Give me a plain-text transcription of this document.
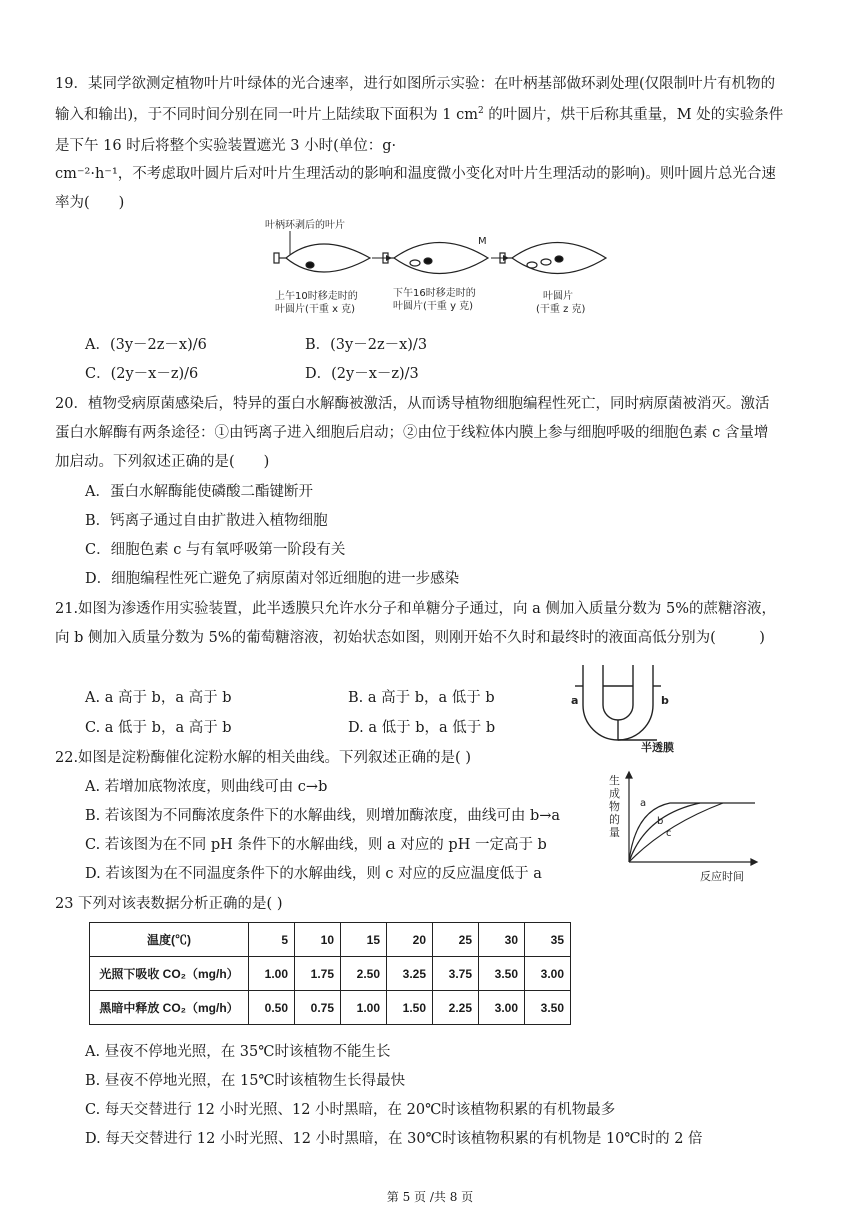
19．某同学欲测定植物叶片叶绿体的光合速率，进行如图所示实验：在叶柄基部做环剥处理(仅限制叶片有机物的
输入和输出)，于不同时间分别在同一叶片上陆续取下面积为 1 $cm^2$ 的叶圆片，烘干后称其重量，M 处的实验条件
是下午 16 时后将整个实验装置遮光 3 小时(单位：g·
cm⁻²·h⁻¹，不考虑取叶圆片后对叶片生理活动的影响和温度微小变化对叶片生理活动的影响)。则叶圆片总光合速
率为(　　)
叶柄环剥后的叶片
M
上午10时移走时的
叶圆片(干重 x 克)
下午16时移走时的
叶圆片(干重 y 克)
叶圆片
(干重 z 克)
A．(3y－2z－x)/6	B．(3y－2z－x)/3
C．(2y－x－z)/6	D．(2y－x－z)/3
20．植物受病原菌感染后，特异的蛋白水解酶被激活，从而诱导植物细胞编程性死亡，同时病原菌被消灭。激活
蛋白水解酶有两条途径：①由钙离子进入细胞后启动；②由位于线粒体内膜上参与细胞呼吸的细胞色素 c 含量增
加启动。下列叙述正确的是(　　)
A．蛋白水解酶能使磷酸二酯键断开
B．钙离子通过自由扩散进入植物细胞
C．细胞色素 c 与有氧呼吸第一阶段有关
D．细胞编程性死亡避免了病原菌对邻近细胞的进一步感染
21.如图为渗透作用实验装置，此半透膜只允许水分子和单糖分子通过，向 a 侧加入质量分数为 5%的蔗糖溶液，
向 b 侧加入质量分数为 5%的葡萄糖溶液，初始状态如图，则刚开始不久时和最终时的液面高低分别为(　　　)
A. a 高于 b，a 高于 b	B. a 高于 b，a 低于 b
C. a 低于 b，a 高于 b	D. a 低于 b，a 低于 b
a	b
半透膜
22.如图是淀粉酶催化淀粉水解的相关曲线。下列叙述正确的是( )
A. 若增加底物浓度，则曲线可由 c→b
B. 若该图为不同酶浓度条件下的水解曲线，则增加酶浓度，曲线可由 b→a
C. 若该图为在不同 pH 条件下的水解曲线，则 a 对应的 pH 一定高于 b
D. 若该图为在不同温度条件下的水解曲线，则 c 对应的反应温度低于 a
生
成
物
的
量
反应时间
a
b
c
23 下列对该表数据分析正确的是( )
温度(℃)	5	10	15	20	25	30	35
光照下吸收 CO₂（mg/h）	1.00	1.75	2.50	3.25	3.75	3.50	3.00
黑暗中释放 CO₂（mg/h）	0.50	0.75	1.00	1.50	2.25	3.00	3.50
A. 昼夜不停地光照，在 35℃时该植物不能生长
B. 昼夜不停地光照，在 15℃时该植物生长得最快
C. 每天交替进行 12 小时光照、12 小时黑暗，在 20℃时该植物积累的有机物最多
D. 每天交替进行 12 小时光照、12 小时黑暗，在 30℃时该植物积累的有机物是 10℃时的 2 倍
第 5 页 /共 8 页
